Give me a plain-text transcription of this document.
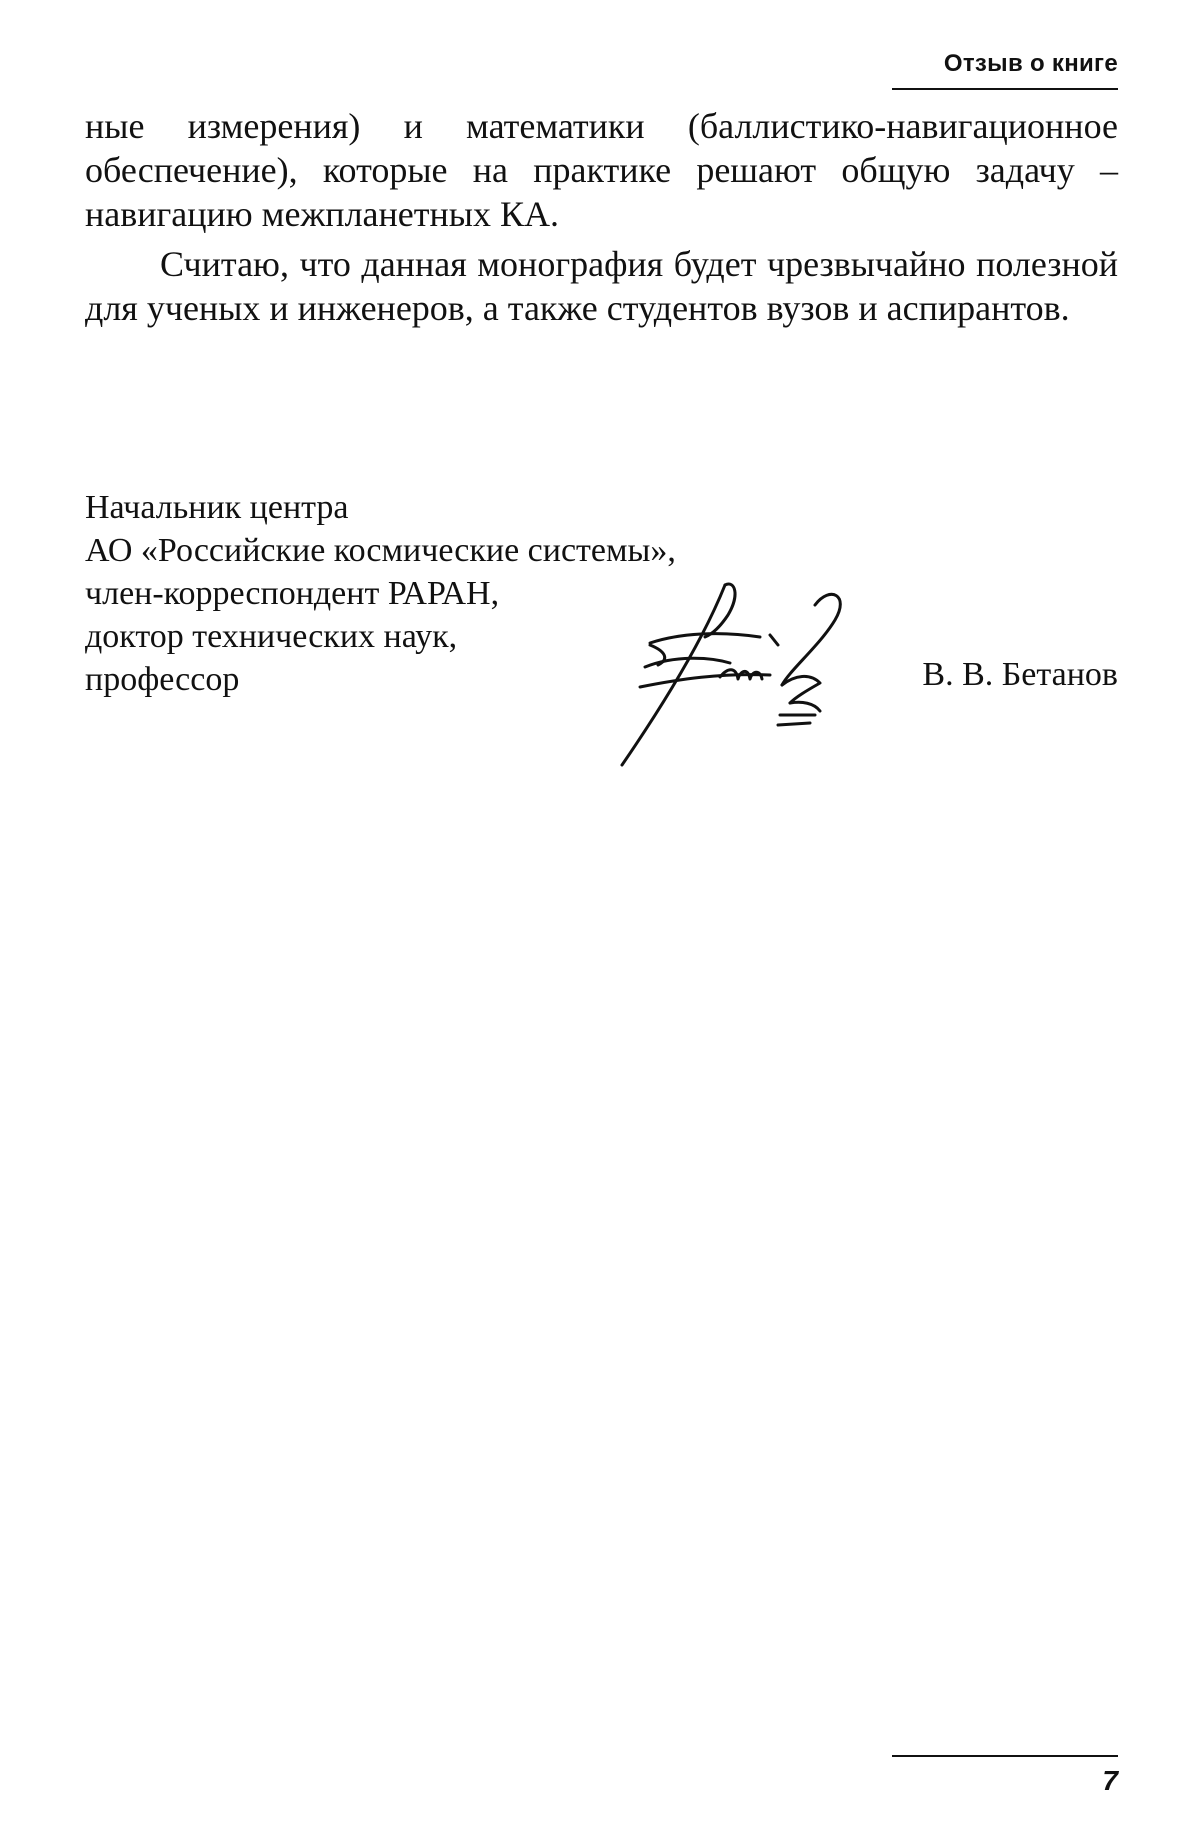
Отзыв о книге

ные измерения) и математики (баллистико-навигационное обеспечение), которые на практике решают общую задачу – навигацию межпланетных КА.

Считаю, что данная монография будет чрезвычайно полезной для ученых и инженеров, а также студентов вузов и аспирантов.

Начальник центра
АО «Российские космические системы»,
член-корреспондент РАРАН,
доктор технических наук,
профессор	В. В. Бетанов
7
